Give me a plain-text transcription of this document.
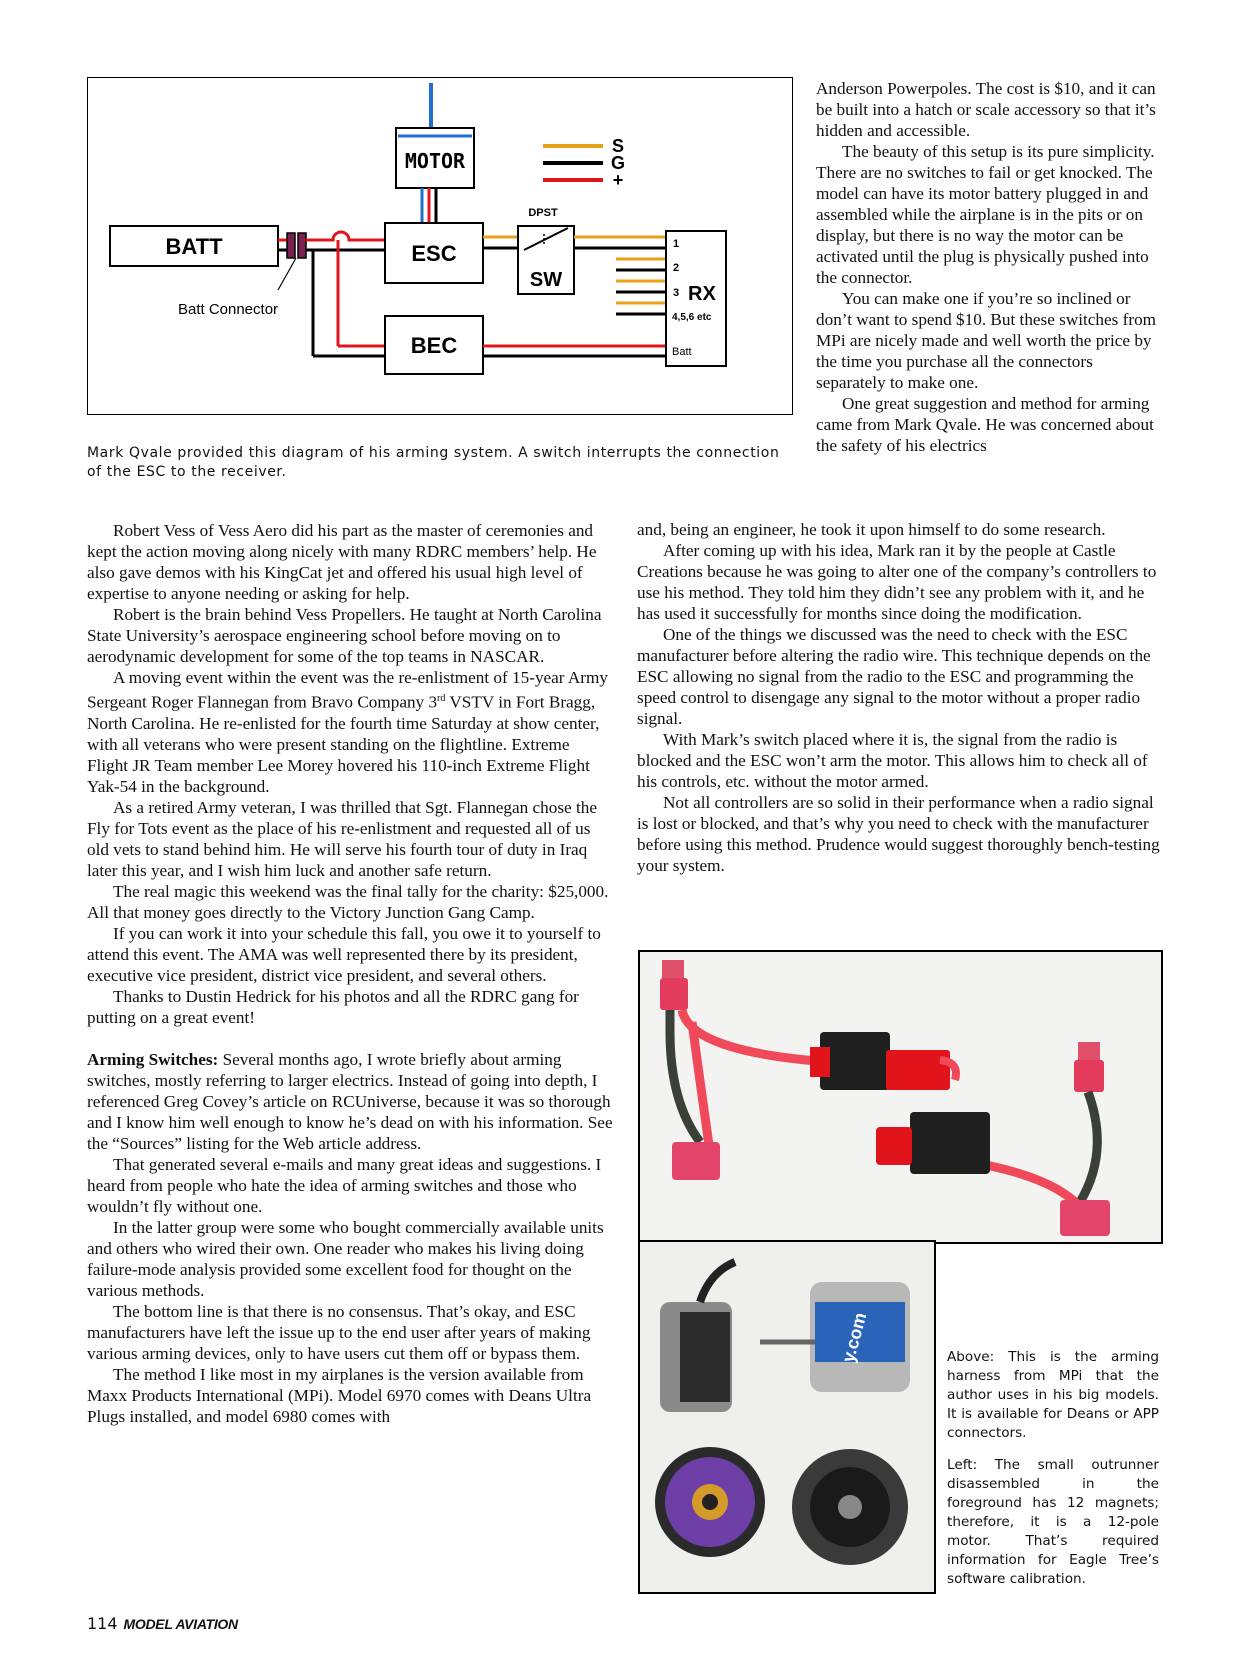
MOTOR
S
G
+
BATT
Batt Connector
ESC
BEC
DPST
SW
1
2
3 RX
4,5,6 etc
Batt
Mark Qvale provided this diagram of his arming system. A switch interrupts the connection of the ESC to the receiver.

Anderson Powerpoles. The cost is $10, and it can be built into a hatch or scale accessory so that it’s hidden and accessible.

The beauty of this setup is its pure simplicity. There are no switches to fail or get knocked. The model can have its motor battery plugged in and assembled while the airplane is in the pits or on display, but there is no way the motor can be activated until the plug is physically pushed into the connector.

You can make one if you’re so inclined or don’t want to spend $10. But these switches from MPi are nicely made and well worth the price by the time you purchase all the connectors separately to make one.

One great suggestion and method for arming came from Mark Qvale. He was concerned about the safety of his electrics

and, being an engineer, he took it upon himself to do some research.

After coming up with his idea, Mark ran it by the people at Castle Creations because he was going to alter one of the company’s controllers to use his method. They told him they didn’t see any problem with it, and he has used it successfully for months since doing the modification.

One of the things we discussed was the need to check with the ESC manufacturer before altering the radio wire. This technique depends on the ESC allowing no signal from the radio to the ESC and programming the speed control to disengage any signal to the motor without a proper radio signal.

With Mark’s switch placed where it is, the signal from the radio is blocked and the ESC won’t arm the motor. This allows him to check all of his controls, etc. without the motor armed.

Not all controllers are so solid in their performance when a radio signal is lost or blocked, and that’s why you need to check with the manufacturer before using this method. Prudence would suggest thoroughly bench-testing your system.

Robert Vess of Vess Aero did his part as the master of ceremonies and kept the action moving along nicely with many RDRC members’ help. He also gave demos with his KingCat jet and offered his usual high level of expertise to anyone needing or asking for help.

Robert is the brain behind Vess Propellers. He taught at North Carolina State University’s aerospace engineering school before moving on to aerodynamic development for some of the top teams in NASCAR.

A moving event within the event was the re-enlistment of 15-year Army Sergeant Roger Flannegan from Bravo Company 3rd VSTV in Fort Bragg, North Carolina. He re-enlisted for the fourth time Saturday at show center, with all veterans who were present standing on the flightline. Extreme Flight JR Team member Lee Morey hovered his 110-inch Extreme Flight Yak-54 in the background.

As a retired Army veteran, I was thrilled that Sgt. Flannegan chose the Fly for Tots event as the place of his re-enlistment and requested all of us old vets to stand behind him. He will serve his fourth tour of duty in Iraq later this year, and I wish him luck and another safe return.

The real magic this weekend was the final tally for the charity: $25,000. All that money goes directly to the Victory Junction Gang Camp.

If you can work it into your schedule this fall, you owe it to yourself to attend this event. The AMA was well represented there by its president, executive vice president, district vice president, and several others.

Thanks to Dustin Hedrick for his photos and all the RDRC gang for putting on a great event!

Arming Switches: Several months ago, I wrote briefly about arming switches, mostly referring to larger electrics. Instead of going into depth, I referenced Greg Covey’s article on RCUniverse, because it was so thorough and I know him well enough to know he’s dead on with his information. See the “Sources” listing for the Web article address.

That generated several e-mails and many great ideas and suggestions. I heard from people who hate the idea of arming switches and those who wouldn’t fly without one.

In the latter group were some who bought commercially available units and others who wired their own. One reader who makes his living doing failure-mode analysis provided some excellent food for thought on the various methods.

The bottom line is that there is no consensus. That’s okay, and ESC manufacturers have left the issue up to the end user after years of making various arming devices, only to have users cut them off or bypass them.

The method I like most in my airplanes is the version available from Maxx Products International (MPi). Model 6970 comes with Deans Ultra Plugs installed, and model 6980 comes with

y.com	Above: This is the arming harness from MPi that the author uses in his big models. It is available for Deans or APP connectors.

Left: The small outrunner disassembled in the foreground has 12 magnets; therefore, it is a 12-pole motor. That’s required information for Eagle Tree’s software calibration.

114 MODEL AVIATION
